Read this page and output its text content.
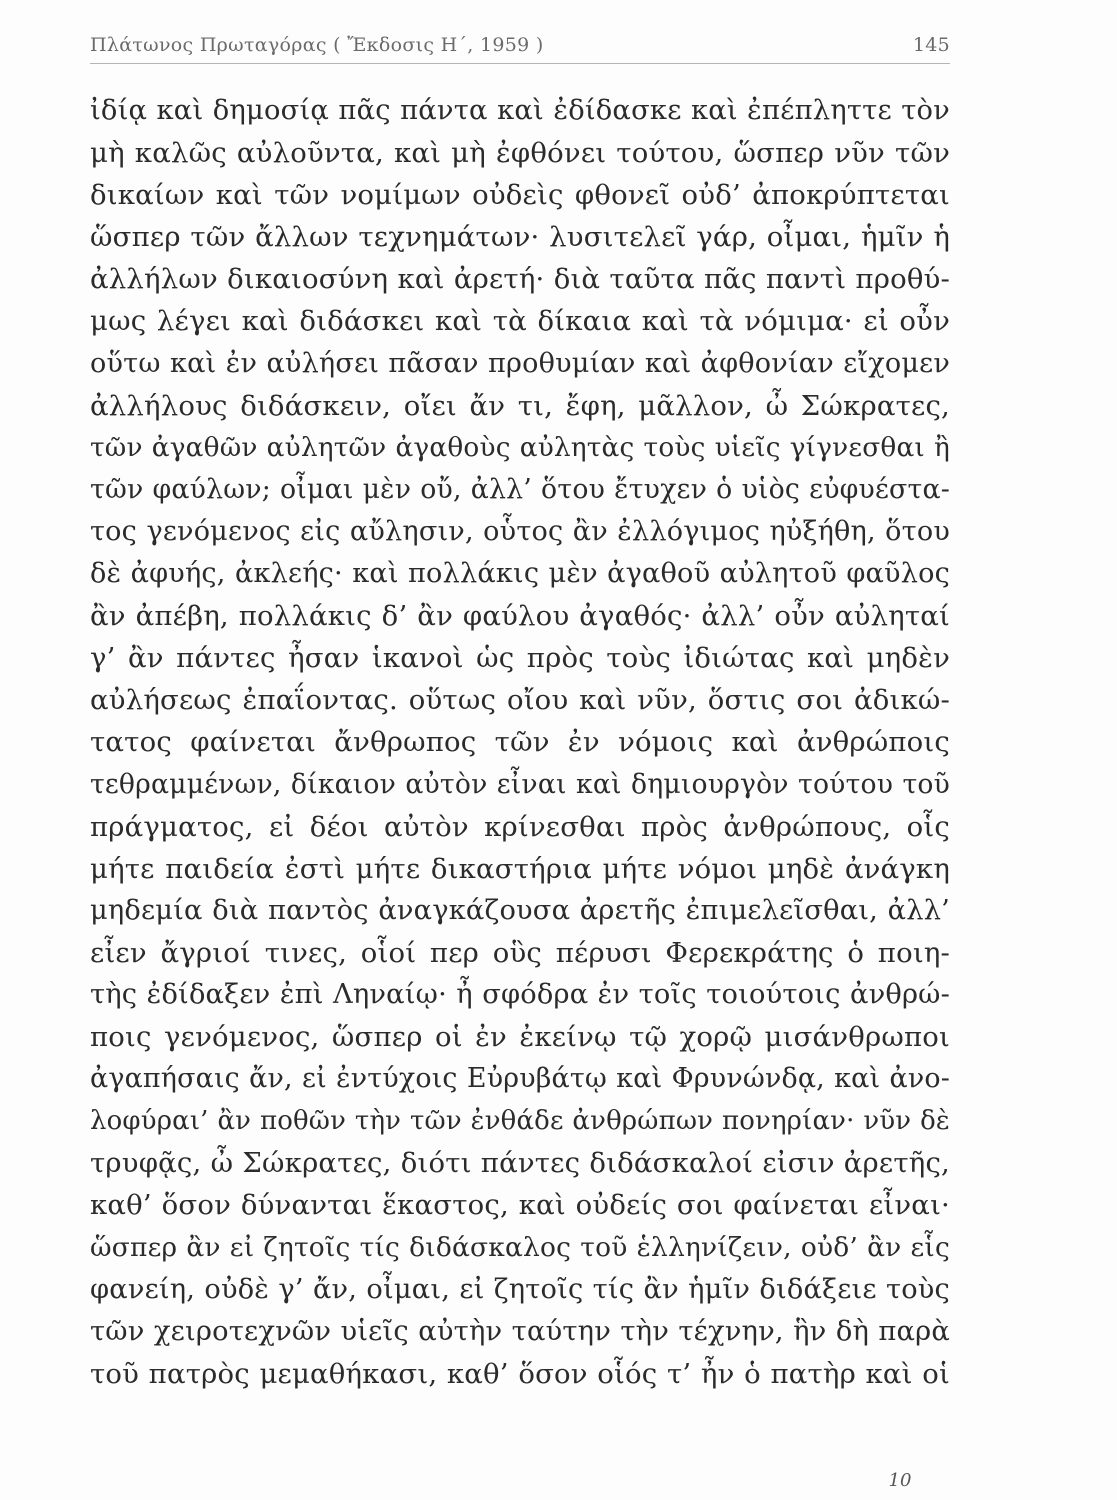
Πλάτωνος Πρωταγόρας ( Ἔκδοσις Η΄, 1959 )	145
ἰδίᾳ καὶ δημοσίᾳ πᾶς πάντα καὶ ἐδίδασκε καὶ ἐπέπληττε τὸν
μὴ καλῶς αὐλοῦντα, καὶ μὴ ἐφθόνει τούτου, ὥσπερ νῦν τῶν
δικαίων καὶ τῶν νομίμων οὐδεὶς φθονεῖ οὐδ’ ἀποκρύπτεται
ὥσπερ τῶν ἄλλων τεχνημάτων· λυσιτελεῖ γάρ, οἶμαι, ἡμῖν ἡ
ἀλλήλων δικαιοσύνη καὶ ἀρετή· διὰ ταῦτα πᾶς παντὶ προθύ-
μως λέγει καὶ διδάσκει καὶ τὰ δίκαια καὶ τὰ νόμιμα· εἰ οὖν
οὕτω καὶ ἐν αὐλήσει πᾶσαν προθυμίαν καὶ ἀφθονίαν εἴχομεν
ἀλλήλους διδάσκειν, οἴει ἄν τι, ἔφη, μᾶλλον, ὦ Σώκρατες,
τῶν ἀγαθῶν αὐλητῶν ἀγαθοὺς αὐλητὰς τοὺς υἱεῖς γίγνεσθαι ἢ
τῶν φαύλων; οἶμαι μὲν οὔ, ἀλλ’ ὅτου ἔτυχεν ὁ υἱὸς εὐφυέστα-
τος γενόμενος εἰς αὔλησιν, οὗτος ἂν ἐλλόγιμος ηὐξήθη, ὅτου
δὲ ἀφυής, ἀκλεής· καὶ πολλάκις μὲν ἀγαθοῦ αὐλητοῦ φαῦλος
ἂν ἀπέβη, πολλάκις δ’ ἂν φαύλου ἀγαθός· ἀλλ’ οὖν αὐληταί
γ’ ἂν πάντες ἦσαν ἱκανοὶ ὡς πρὸς τοὺς ἰδιώτας καὶ μηδὲν
αὐλήσεως ἐπαΐοντας. οὕτως οἴου καὶ νῦν, ὅστις σοι ἀδικώ-
τατος φαίνεται ἄνθρωπος τῶν ἐν νόμοις καὶ ἀνθρώποις
τεθραμμένων, δίκαιον αὐτὸν εἶναι καὶ δημιουργὸν τούτου τοῦ
πράγματος, εἰ δέοι αὐτὸν κρίνεσθαι πρὸς ἀνθρώπους, οἷς
μήτε παιδεία ἐστὶ μήτε δικαστήρια μήτε νόμοι μηδὲ ἀνάγκη
μηδεμία διὰ παντὸς ἀναγκάζουσα ἀρετῆς ἐπιμελεῖσθαι, ἀλλ’
εἶεν ἄγριοί τινες, οἷοί περ οὓς πέρυσι Φερεκράτης ὁ ποιη-
τὴς ἐδίδαξεν ἐπὶ Ληναίῳ· ἦ σφόδρα ἐν τοῖς τοιούτοις ἀνθρώ-
ποις γενόμενος, ὥσπερ οἱ ἐν ἐκείνῳ τῷ χορῷ μισάνθρωποι
ἀγαπήσαις ἄν, εἰ ἐντύχοις Εὐρυβάτῳ καὶ Φρυνώνδᾳ, καὶ ἀνο-
λοφύραι’ ἂν ποθῶν τὴν τῶν ἐνθάδε ἀνθρώπων πονηρίαν· νῦν δὲ
τρυφᾷς, ὦ Σώκρατες, διότι πάντες διδάσκαλοί εἰσιν ἀρετῆς,
καθ’ ὅσον δύνανται ἕκαστος, καὶ οὐδείς σοι φαίνεται εἶναι·
ὥσπερ ἂν εἰ ζητοῖς τίς διδάσκαλος τοῦ ἑλληνίζειν, οὐδ’ ἂν εἷς
φανείη, οὐδὲ γ’ ἄν, οἶμαι, εἰ ζητοῖς τίς ἂν ἡμῖν διδάξειε τοὺς
τῶν χειροτεχνῶν υἱεῖς αὐτὴν ταύτην τὴν τέχνην, ἣν δὴ παρὰ
τοῦ πατρὸς μεμαθήκασι, καθ’ ὅσον οἷός τ’ ἦν ὁ πατὴρ καὶ οἱ
10
